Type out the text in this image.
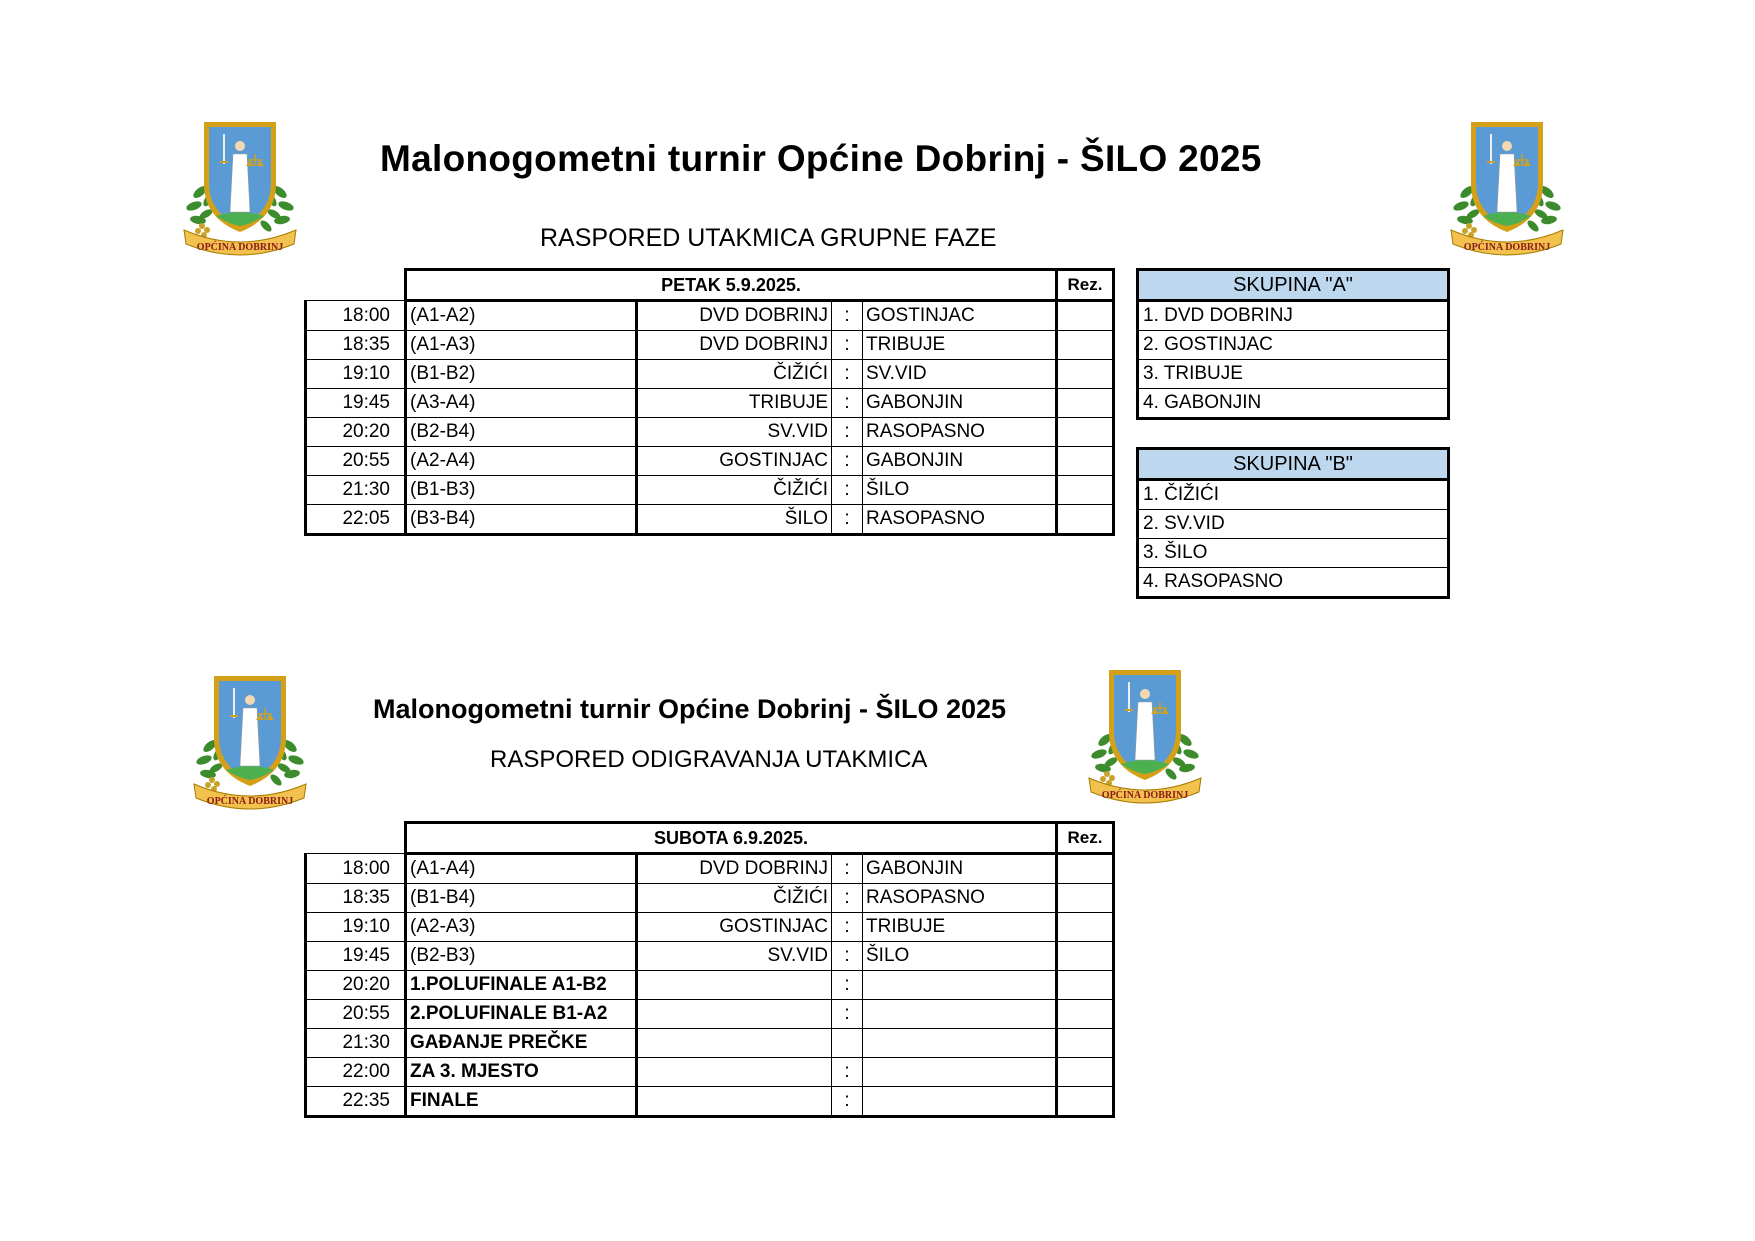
Malonogometni turnir Općine Dobrinj - ŠILO 2025
RASPORED UTAKMICA GRUPNE FAZE
	PETAK 5.9.2025.				Rez.
18:00	(A1-A2)	DVD DOBRINJ	:	GOSTINJAC	
18:35	(A1-A3)	DVD DOBRINJ	:	TRIBUJE	
19:10	(B1-B2)	ČIŽIĆI	:	SV.VID	
19:45	(A3-A4)	TRIBUJE	:	GABONJIN	
20:20	(B2-B4)	SV.VID	:	RASOPASNO	
20:55	(A2-A4)	GOSTINJAC	:	GABONJIN	
21:30	(B1-B3)	ČIŽIĆI	:	ŠILO	
22:05	(B3-B4)	ŠILO	:	RASOPASNO	
SKUPINA "A"
1. DVD DOBRINJ
2. GOSTINJAC
3. TRIBUJE
4. GABONJIN
SKUPINA "B"
1. ČIŽIĆI
2. SV.VID
3. ŠILO
4. RASOPASNO
Malonogometni turnir Općine Dobrinj - ŠILO 2025
RASPORED ODIGRAVANJA UTAKMICA
	SUBOTA 6.9.2025.				Rez.
18:00	(A1-A4)	DVD DOBRINJ	:	GABONJIN	
18:35	(B1-B4)	ČIŽIĆI	:	RASOPASNO	
19:10	(A2-A3)	GOSTINJAC	:	TRIBUJE	
19:45	(B2-B3)	SV.VID	:	ŠILO	
20:20	1.POLUFINALE A1-B2		:		
20:55	2.POLUFINALE B1-A2		:		
21:30	GAĐANJE PREČKE				
22:00	ZA 3. MJESTO		:		
22:35	FINALE		:		
